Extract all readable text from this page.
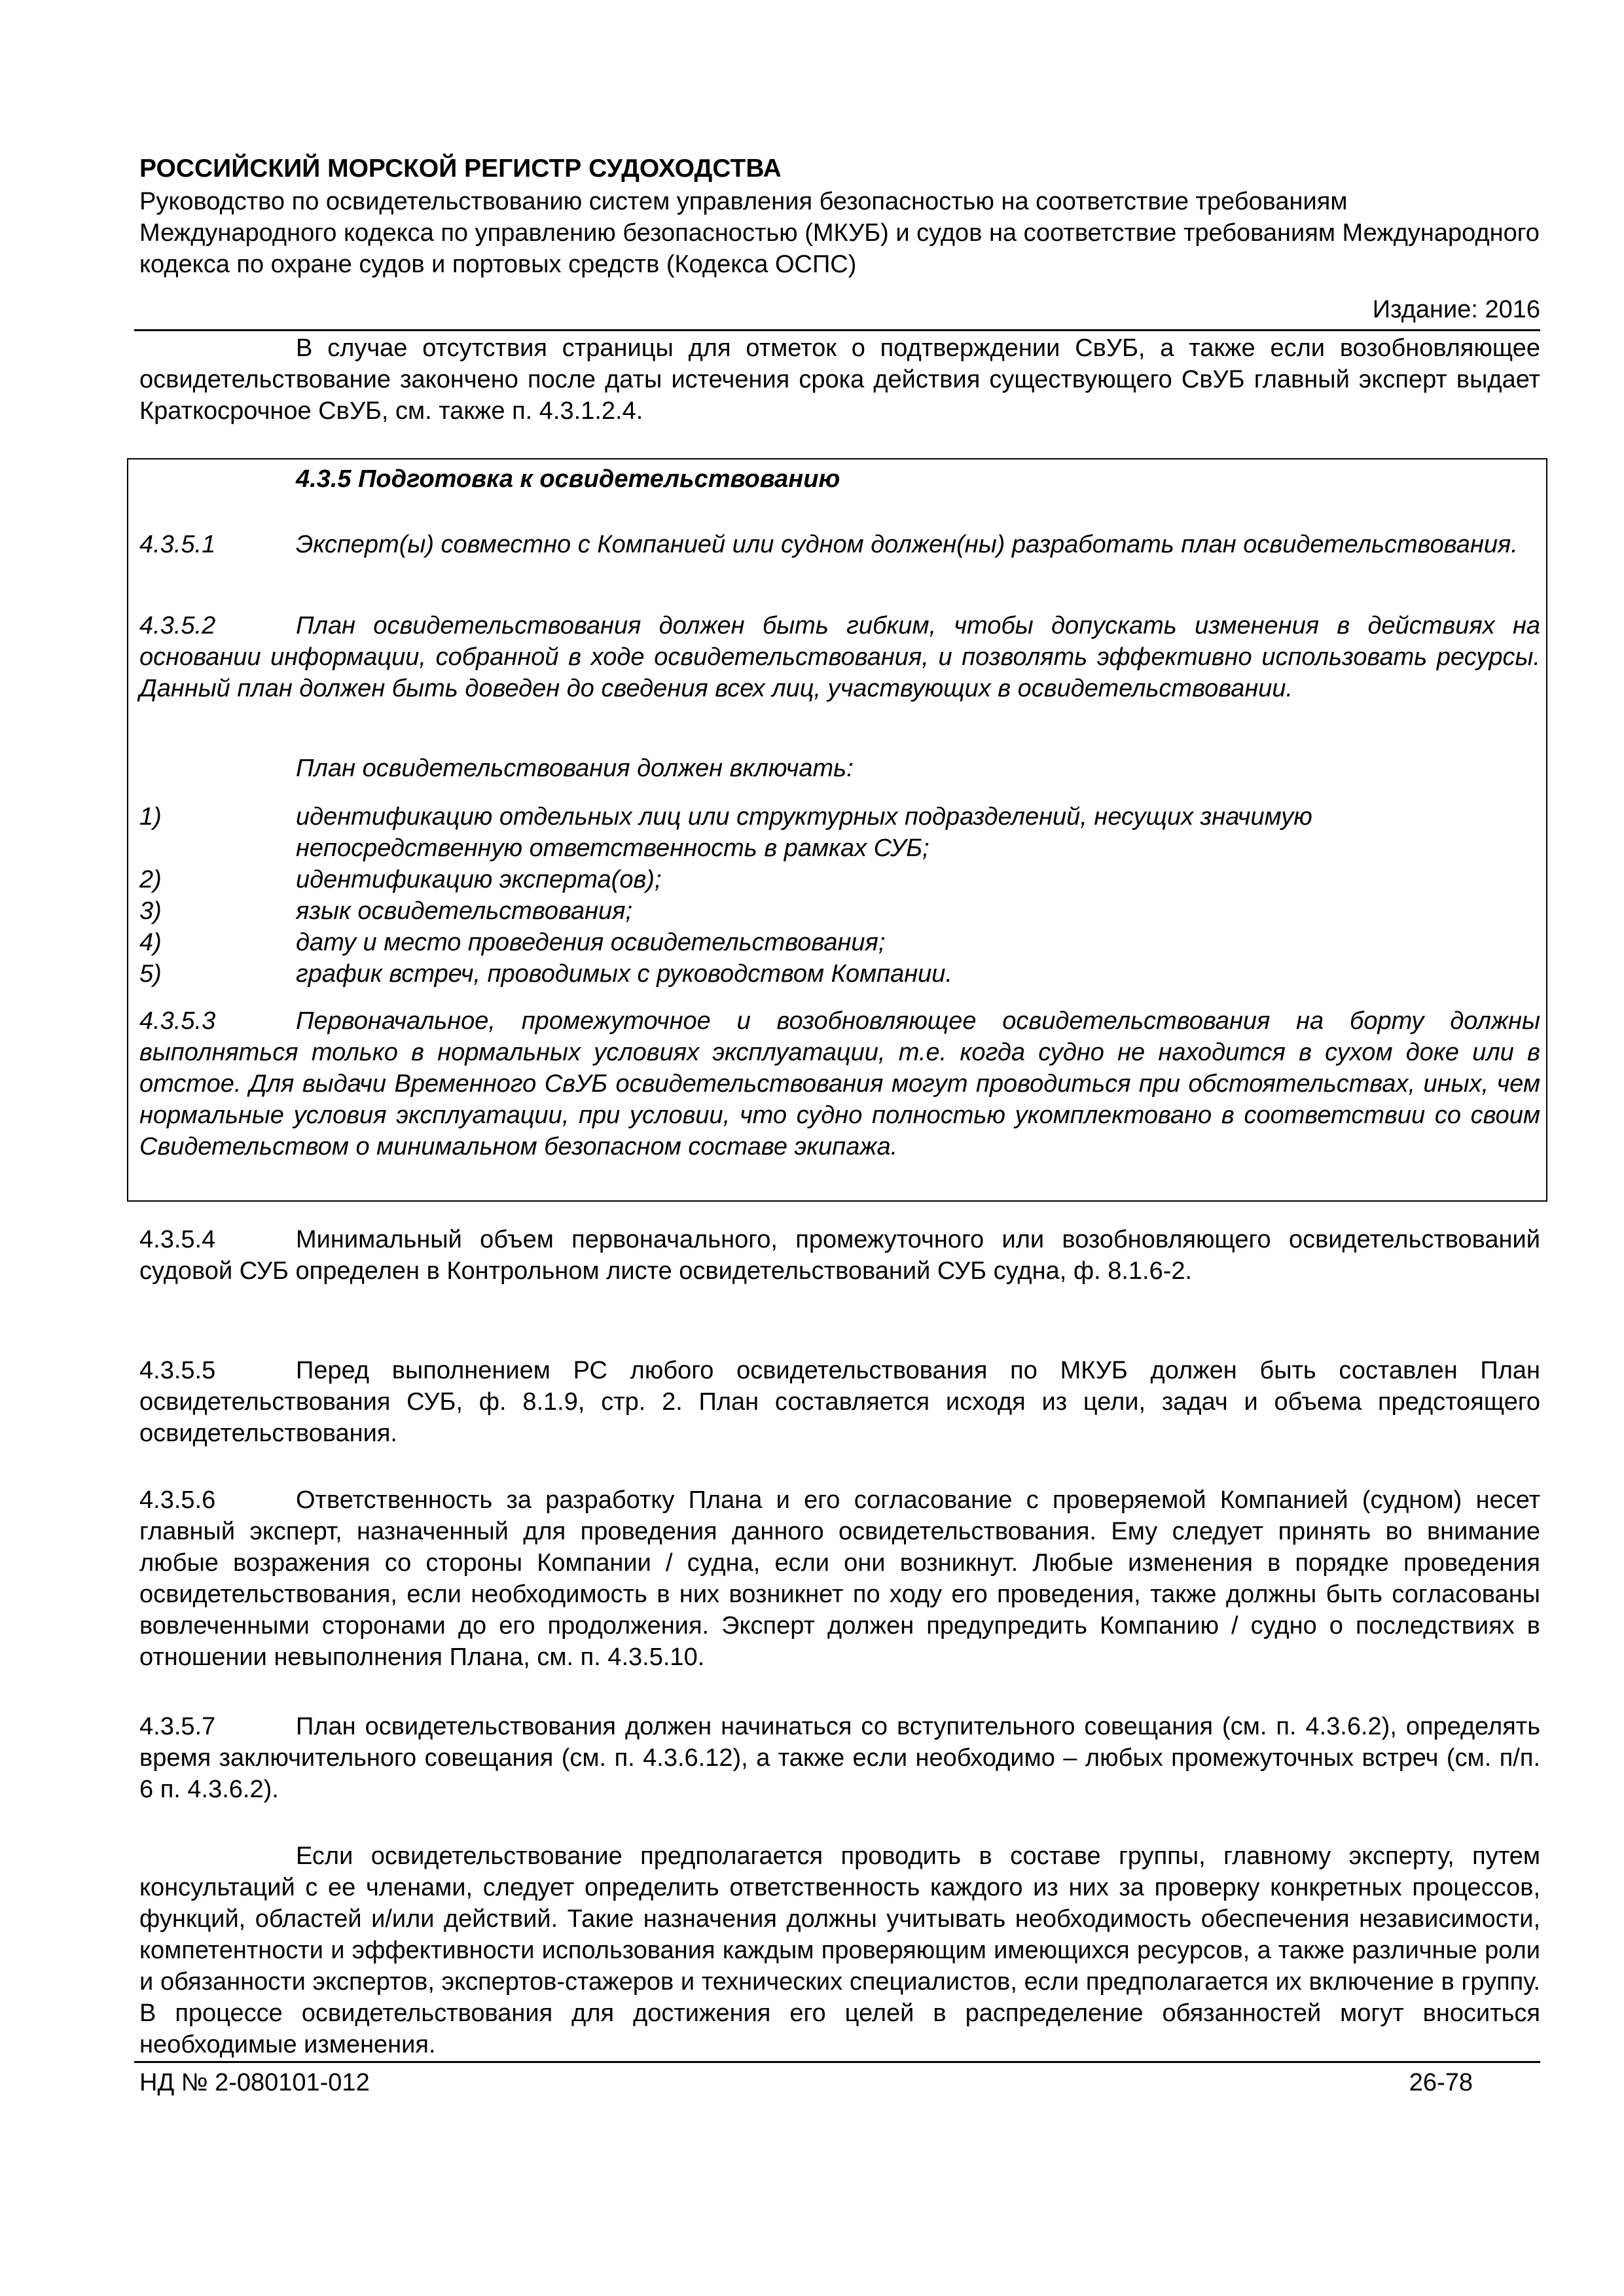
РОССИЙСКИЙ МОРСКОЙ РЕГИСТР СУДОХОДСТВА
Руководство по освидетельствованию систем управления безопасностью на соответствие требованиям Международного кодекса по управлению безопасностью (МКУБ) и судов на соответствие требованиям Международного кодекса по охране судов и портовых средств (Кодекса ОСПС)
Издание: 2016
В случае отсутствия страницы для отметок о подтверждении СвУБ, а также если возобновляющее освидетельствование закончено после даты истечения срока действия существующего СвУБ главный эксперт выдает Краткосрочное СвУБ, см. также п. 4.3.1.2.4.
4.3.5 Подготовка к освидетельствованию
4.3.5.1	Эксперт(ы) совместно с Компанией или судном должен(ны) разработать план освидетельствования.
4.3.5.2	План освидетельствования должен быть гибким, чтобы допускать изменения в действиях на основании информации, собранной в ходе освидетельствования, и позволять эффективно использовать ресурсы. Данный план должен быть доведен до сведения всех лиц, участвующих в освидетельствовании.
План освидетельствования должен включать:
1)	идентификацию отдельных лиц или структурных подразделений, несущих значимую непосредственную ответственность в рамках СУБ;
2)	идентификацию эксперта(ов);
3)	язык освидетельствования;
4)	дату и место проведения освидетельствования;
5)	график встреч, проводимых с руководством Компании.
4.3.5.3	Первоначальное, промежуточное и возобновляющее освидетельствования на борту должны выполняться только в нормальных условиях эксплуатации, т.е. когда судно не находится в сухом доке или в отстое. Для выдачи Временного СвУБ освидетельствования могут проводиться при обстоятельствах, иных, чем нормальные условия эксплуатации, при условии, что судно полностью укомплектовано в соответствии со своим Свидетельством о минимальном безопасном составе экипажа.
4.3.5.4	Минимальный объем первоначального, промежуточного или возобновляющего освидетельствований судовой СУБ определен в Контрольном листе освидетельствований СУБ судна, ф. 8.1.6-2.
4.3.5.5	Перед выполнением РС любого освидетельствования по МКУБ должен быть составлен План освидетельствования СУБ, ф. 8.1.9, стр. 2. План составляется исходя из цели, задач и объема предстоящего освидетельствования.
4.3.5.6	Ответственность за разработку Плана и его согласование с проверяемой Компанией (судном) несет главный эксперт, назначенный для проведения данного освидетельствования. Ему следует принять во внимание любые возражения со стороны Компании / судна, если они возникнут. Любые изменения в порядке проведения освидетельствования, если необходимость в них возникнет по ходу его проведения, также должны быть согласованы вовлеченными сторонами до его продолжения. Эксперт должен предупредить Компанию / судно о последствиях в отношении невыполнения Плана, см. п. 4.3.5.10.
4.3.5.7	План освидетельствования должен начинаться со вступительного совещания (см. п. 4.3.6.2), определять время заключительного совещания (см. п. 4.3.6.12), а также если необходимо – любых промежуточных встреч (см. п/п. 6 п. 4.3.6.2).
Если освидетельствование предполагается проводить в составе группы, главному эксперту, путем консультаций с ее членами, следует определить ответственность каждого из них за проверку конкретных процессов, функций, областей и/или действий. Такие назначения должны учитывать необходимость обеспечения независимости, компетентности и эффективности использования каждым проверяющим имеющихся ресурсов, а также различные роли и обязанности экспертов, экспертов-стажеров и технических специалистов, если предполагается их включение в группу. В процессе освидетельствования для достижения его целей в распределение обязанностей могут вноситься необходимые изменения.
НД № 2-080101-012	26-78
